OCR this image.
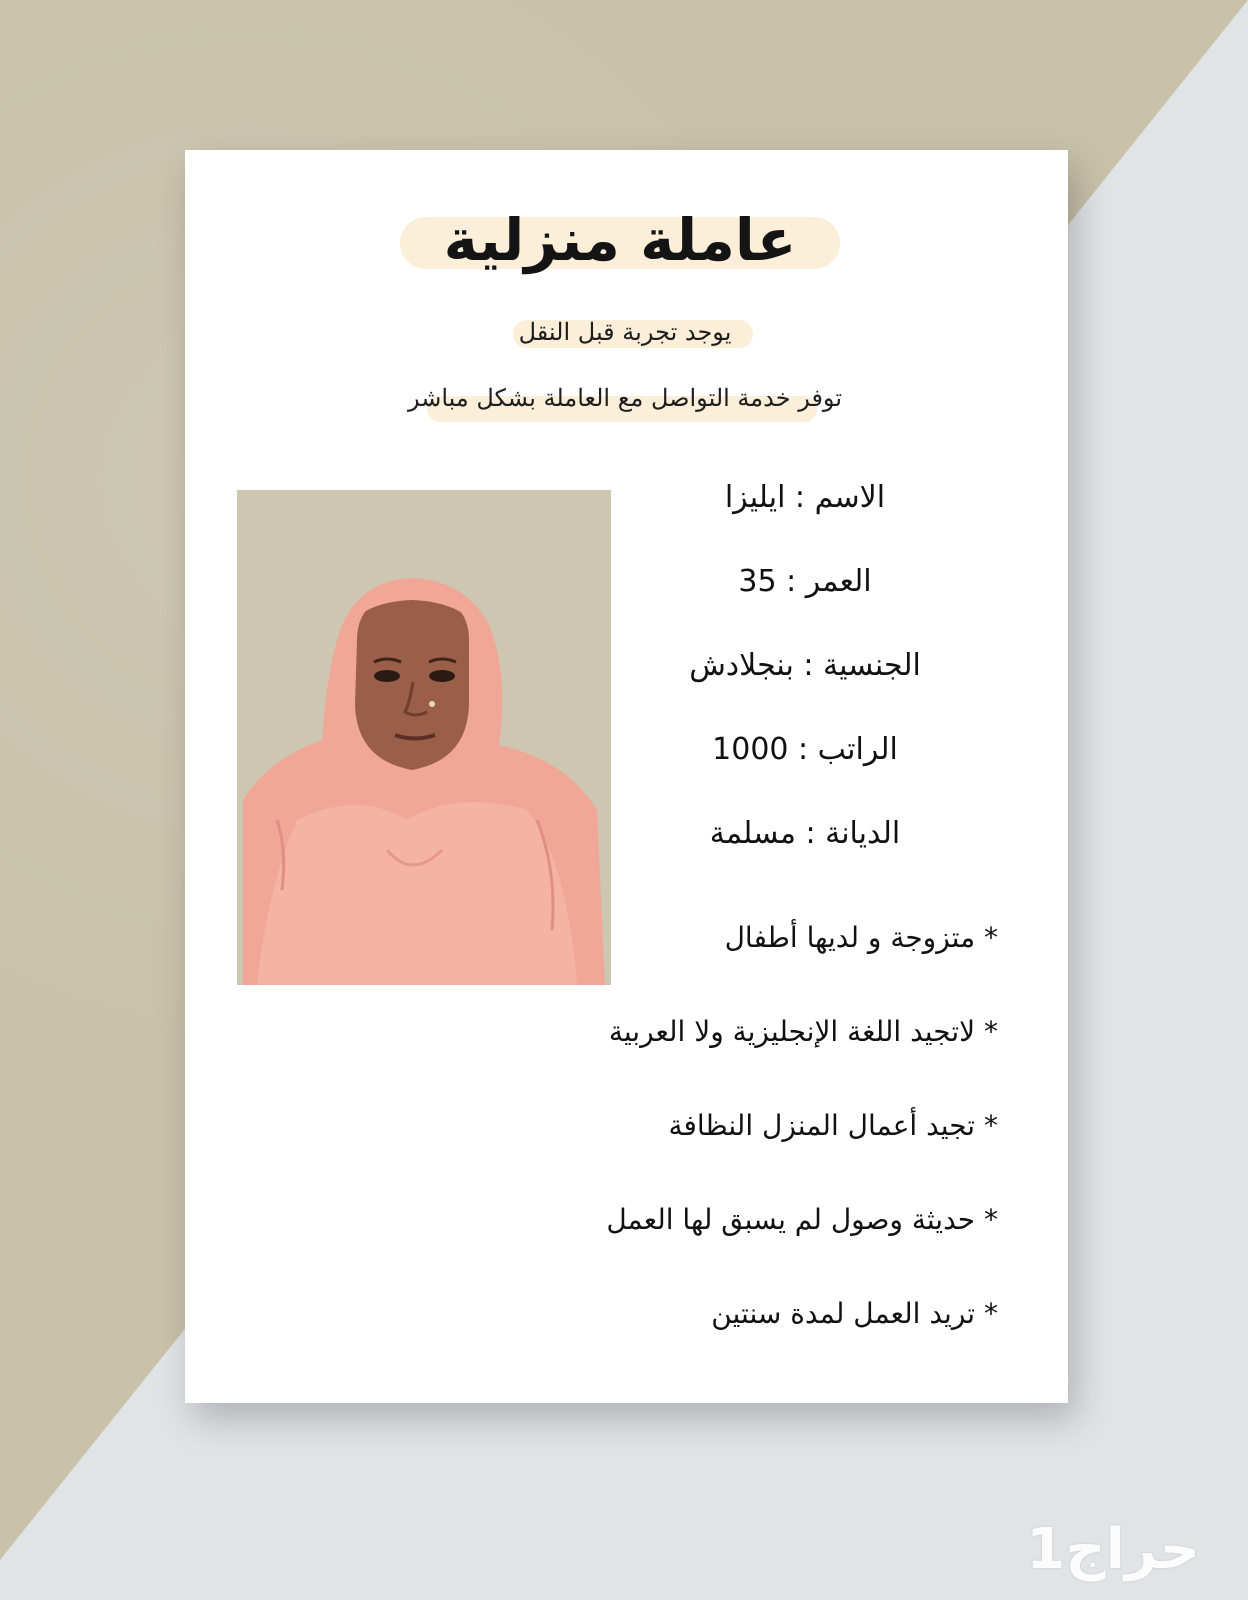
عاملة منزلية

يوجد تجربة قبل النقل

توفر خدمة التواصل مع العاملة بشكل مباشر

الاسم : ايليزا

العمر : 35

الجنسية : بنجلادش

الراتب : 1000

الديانة : مسلمة

* متزوجة و لديها أطفال

* لاتجيد اللغة الإنجليزية ولا العربية

* تجيد أعمال المنزل النظافة

* حديثة وصول لم يسبق لها العمل

* تريد العمل لمدة سنتين

حراج1
